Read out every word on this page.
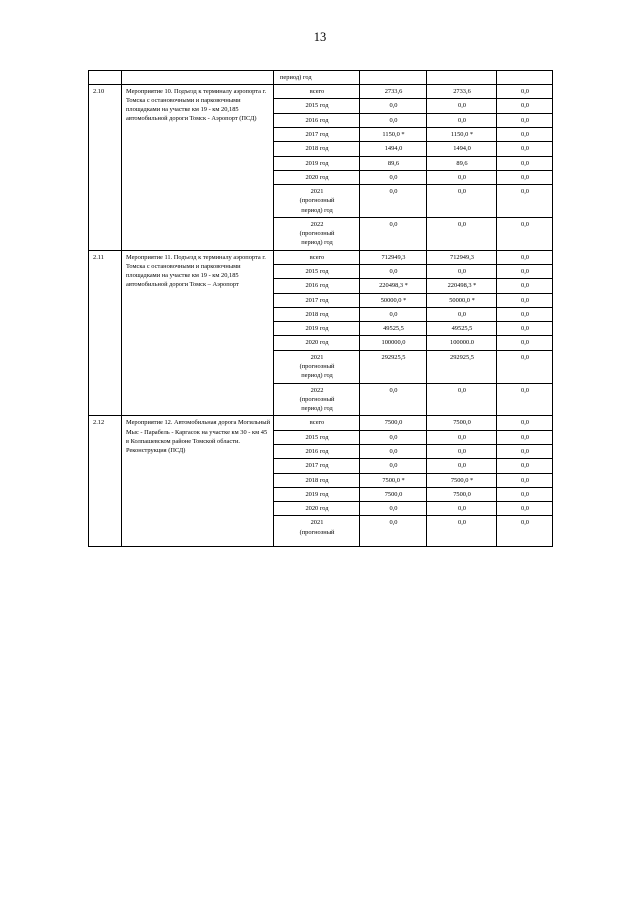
13
		период) год			
2.10	Мероприятие 10. Подъезд к терминалу аэропорта г. Томска с остановочными и парковочными площадками на участке км 19 - км 20,185 автомобильной дороги Томск - Аэропорт (ПСД)	всего	2733,6	2733,6	0,0

		2015 год	0,0	0,0	0,0

		2016 год	0,0	0,0	0,0

		2017 год	1150,0 *	1150,0 *	0,0

		2018 год	1494,0	1494,0	0,0

		2019 год	89,6	89,6	0,0

		2020 год	0,0	0,0	0,0

		2021
(прогнозный
период) год	0,0	0,0	0,0

		2022
(прогнозный
период) год	0,0	0,0	0,0
2.11	Мероприятие 11. Подъезд к терминалу аэропорта г. Томска с остановочными и парковочными площадками на участке км 19 - км 20,185 автомобильной дороги Томск – Аэропорт	всего	712949,3	712949,3	0,0

		2015 год	0,0	0,0	0,0

		2016 год	220498,3 *	220498,3 *	0,0

		2017 год	50000,0 *	50000,0 *	0,0

		2018 год	0,0	0,0	0,0

		2019 год	49525,5	49525,5	0,0

		2020 год	100000,0	100000.0	0,0

		2021
(прогнозный
период) год	292925,5	292925,5	0,0

		2022
(прогнозный
период) год	0,0	0,0	0,0
2.12	Мероприятие 12. Автомобильная дорога Могильный Мыс - Парабель - Каргасок на участке км 30 - км 45 в Колпашевском районе Томской области. Реконструкция (ПСД)	всего	7500,0	7500,0	0,0

		2015 год	0,0	0,0	0,0

		2016 год	0,0	0,0	0,0

		2017 год	0,0	0,0	0,0

		2018 год	7500,0 *	7500,0 *	0,0

		2019 год	7500,0	7500,0	0,0

		2020 год	0,0	0,0	0,0

		2021
(прогнозный	0,0	0,0	0,0
